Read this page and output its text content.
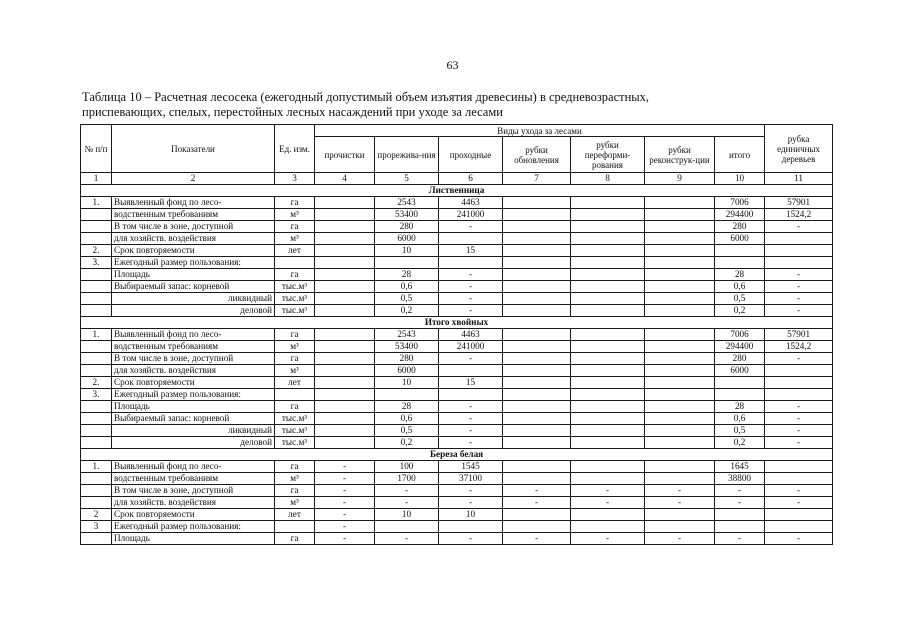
63
Таблица 10 – Расчетная лесосека (ежегодный допустимый объем изъятия древесины) в средневозрастных,
приспевающих, спелых, перестойных лесных насаждений при уходе за лесами
№ п/п	Показатели	Ед. изм.	Виды ухода за лесами							рубка единичных деревьев
			прочистки	прорежива-ния	проходные	рубки обновления	рубки переформи-рования	рубки реконструк-ции	итого	
1	2	3	4	5	6	7	8	9	10	11
Лиственница										
1.	Выявленный фонд по лесо-	га		2543	4463				7006	57901
	водственным требованиям	м³		53400	241000				294400	1524,2
	В том числе в зоне, доступной	га		280	-				280	-
	для хозяйств. воздействия	м³		6000					6000	
2.	Срок повторяемости	лет		10	15					
3.	Ежегодный размер пользования:									
	Площадь	га		28	-				28	-
	Выбираемый запас: корневой	тыс.м³		0,6	-				0,6	-
	ликвидный	тыс.м³		0,5	-				0,5	-
	деловой	тыс.м³		0,2	-				0,2	-
Итого хвойных										
1.	Выявленный фонд по лесо-	га		2543	4463				7006	57901
	водственным требованиям	м³		53400	241000				294400	1524,2
	В том числе в зоне, доступной	га		280	-				280	-
	для хозяйств. воздействия	м³		6000					6000	
2.	Срок повторяемости	лет		10	15					
3.	Ежегодный размер пользования:									
	Площадь	га		28	-				28	-
	Выбираемый запас: корневой	тыс.м³		0,6	-				0,6	-
	ликвидный	тыс.м³		0,5	-				0,5	-
	деловой	тыс.м³		0,2	-				0,2	-
Береза белая										
1.	Выявленный фонд по лесо-	га	-	100	1545				1645	
	водственным требованиям	м³	-	1700	37100				38800	
	В том числе в зоне, доступной	га	-	-	-	-	-	-	-	-
	для хозяйств. воздействия	м³	-	-	-	-	-	-	-	-
2	Срок повторяемости	лет	-	10	10					
3	Ежегодный размер пользования:		-							
	Площадь	га	-	-	-	-	-	-	-	-
